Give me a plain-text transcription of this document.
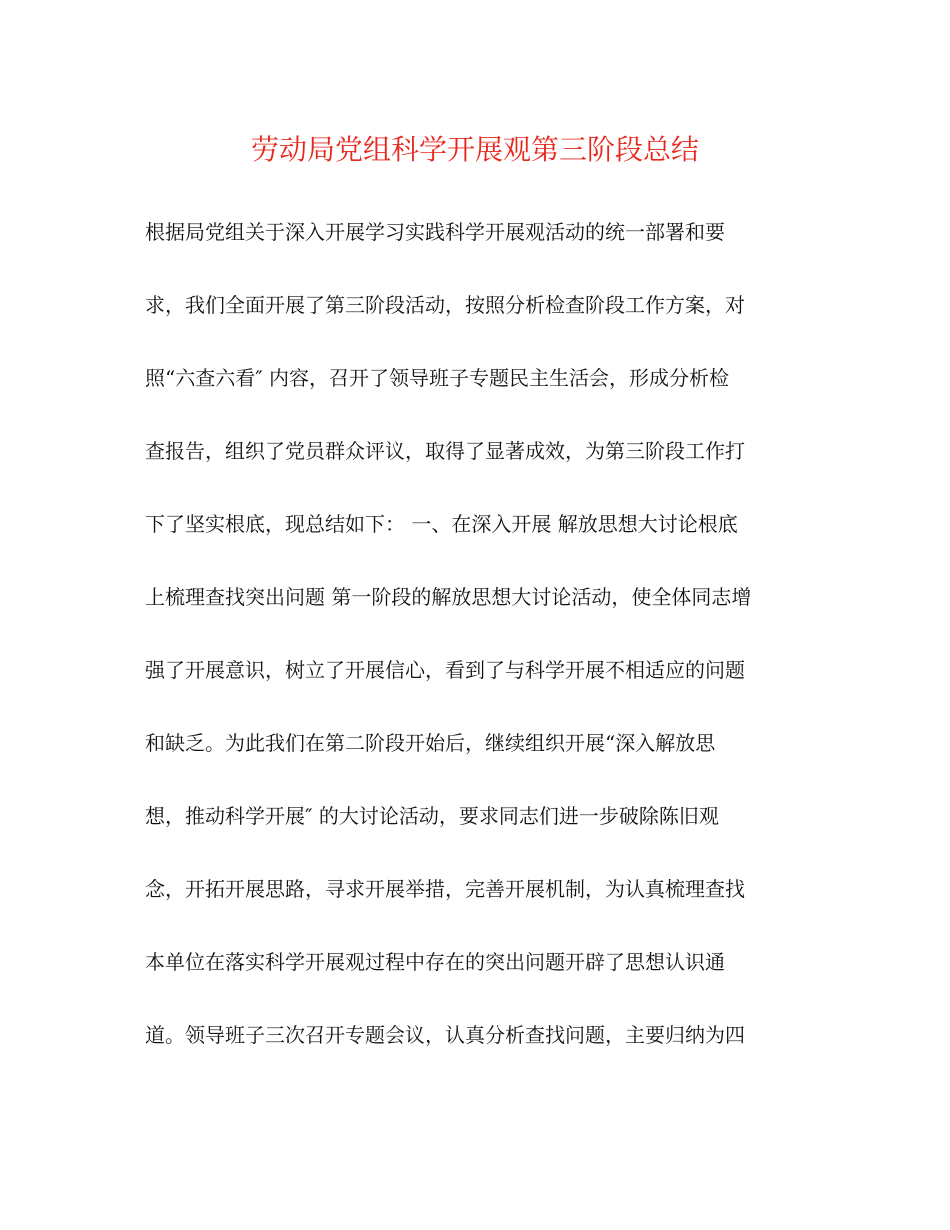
劳动局党组科学开展观第三阶段总结
根据局党组关于深入开展学习实践科学开展观活动的统一部署和要
求，我们全面开展了第三阶段活动，按照分析检查阶段工作方案，对
照“六查六看″ 内容，召开了领导班子专题民主生活会，形成分析检
查报告，组织了党员群众评议，取得了显著成效，为第三阶段工作打
下了坚实根底，现总结如下： 一、在深入开展 解放思想大讨论根底
上梳理查找突出问题 第一阶段的解放思想大讨论活动，使全体同志增
强了开展意识，树立了开展信心，看到了与科学开展不相适应的问题
和缺乏。为此我们在第二阶段开始后，继续组织开展“深入解放思
想，推动科学开展″ 的大讨论活动，要求同志们进一步破除陈旧观
念，开拓开展思路，寻求开展举措，完善开展机制，为认真梳理查找
本单位在落实科学开展观过程中存在的突出问题开辟了思想认识通
道。领导班子三次召开专题会议，认真分析查找问题，主要归纳为四
